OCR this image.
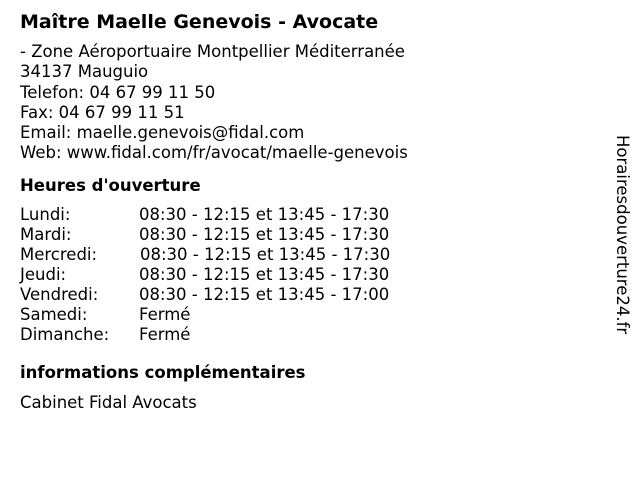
Maître Maelle Genevois - Avocate
- Zone Aéroportuaire Montpellier Méditerranée
34137 Mauguio
Telefon: 04 67 99 11 50
Fax: 04 67 99 11 51
Email: maelle.genevois@fidal.com
Web: www.fidal.com/fr/avocat/maelle-genevois
Heures d'ouverture
Lundi:	08:30 - 12:15 et 13:45 - 17:30
Mardi:	08:30 - 12:15 et 13:45 - 17:30
Mercredi:	08:30 - 12:15 et 13:45 - 17:30
Jeudi:	08:30 - 12:15 et 13:45 - 17:30
Vendredi: 08:30 - 12:15 et 13:45 - 17:00
Samedi:	Fermé
Dimanche: Fermé
informations complémentaires
Cabinet Fidal Avocats
Horairesdouverture24.fr
